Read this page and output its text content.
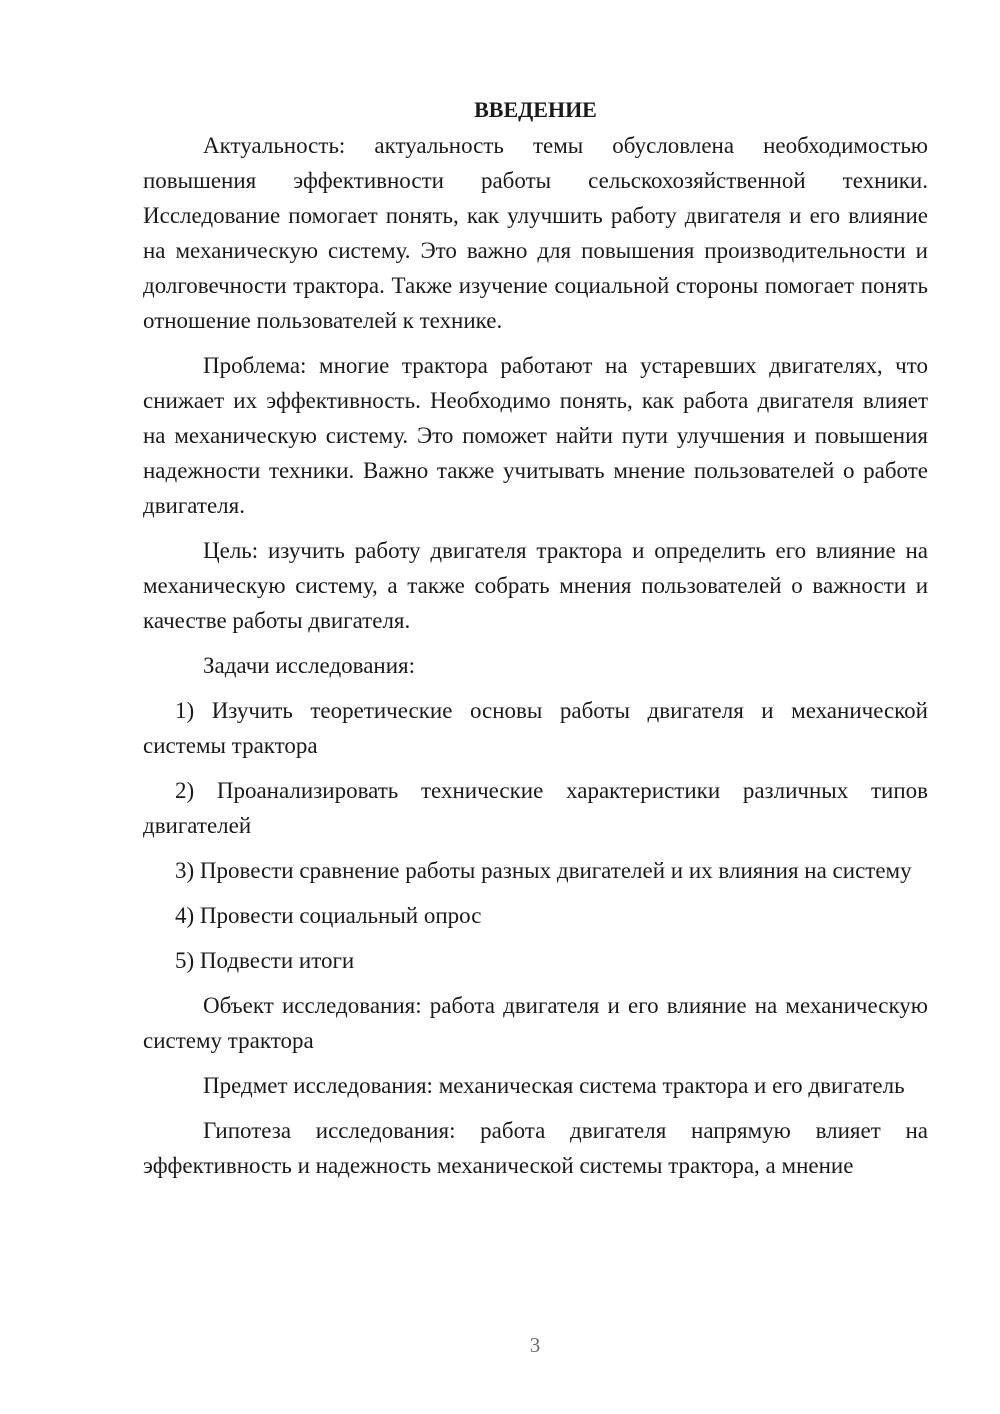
ВВЕДЕНИЕ

Актуальность: актуальность темы обусловлена необходимостью повышения эффективности работы сельскохозяйственной техники. Исследование помогает понять, как улучшить работу двигателя и его влияние на механическую систему. Это важно для повышения производительности и долговечности трактора. Также изучение социальной стороны помогает понять отношение пользователей к технике.

Проблема: многие трактора работают на устаревших двигателях, что снижает их эффективность. Необходимо понять, как работа двигателя влияет на механическую систему. Это поможет найти пути улучшения и повышения надежности техники. Важно также учитывать мнение пользователей о работе двигателя.

Цель: изучить работу двигателя трактора и определить его влияние на механическую систему, а также собрать мнения пользователей о важности и качестве работы двигателя.

Задачи исследования:

1) Изучить теоретические основы работы двигателя и механической системы трактора

2) Проанализировать технические характеристики различных типов двигателей

3) Провести сравнение работы разных двигателей и их влияния на систему

4) Провести социальный опрос

5) Подвести итоги

Объект исследования: работа двигателя и его влияние на механическую систему трактора

Предмет исследования: механическая система трактора и его двигатель

Гипотеза исследования: работа двигателя напрямую влияет на эффективность и надежность механической системы трактора, а мнение

3
